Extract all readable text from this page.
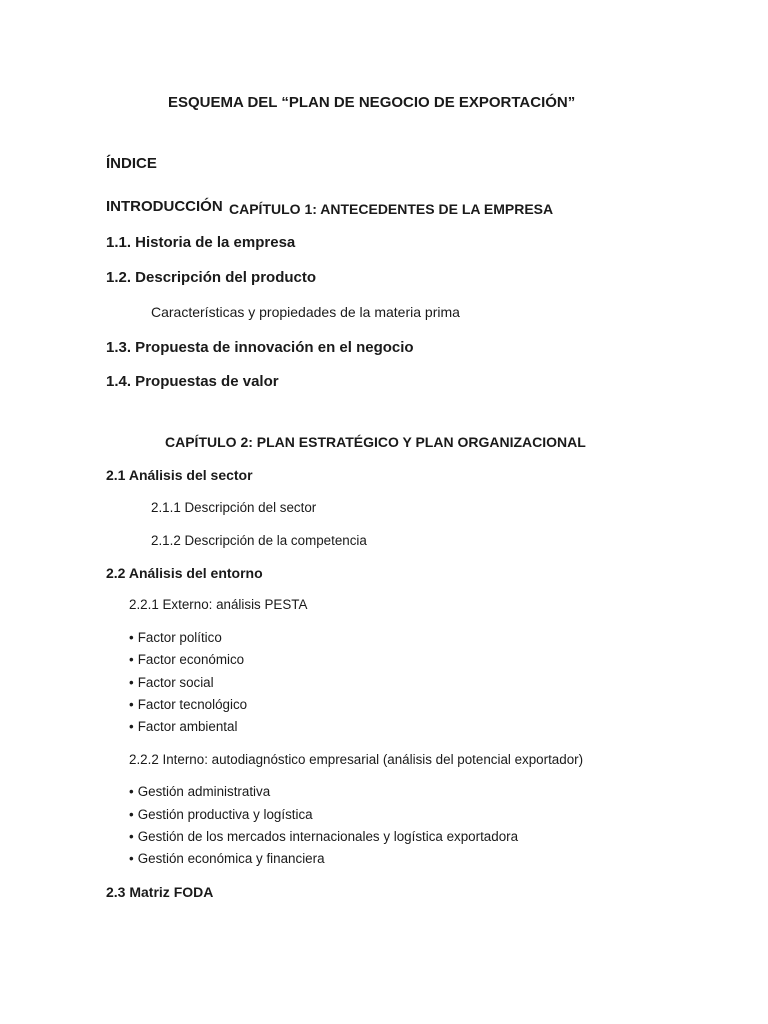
ESQUEMA DEL “PLAN DE NEGOCIO DE EXPORTACIÓN”
ÍNDICE
INTRODUCCIÓN CAPÍTULO 1: ANTECEDENTES DE LA EMPRESA
1.1. Historia de la empresa
1.2. Descripción del producto
Características y propiedades de la materia prima
1.3. Propuesta de innovación en el negocio
1.4. Propuestas de valor
CAPÍTULO 2: PLAN ESTRATÉGICO Y PLAN ORGANIZACIONAL
2.1 Análisis del sector
2.1.1 Descripción del sector
2.1.2 Descripción de la competencia
2.2 Análisis del entorno
2.2.1 Externo: análisis PESTA
• Factor político
• Factor económico
• Factor social
• Factor tecnológico
• Factor ambiental
2.2.2 Interno: autodiagnóstico empresarial (análisis del potencial exportador)
• Gestión administrativa
• Gestión productiva y logística
• Gestión de los mercados internacionales y logística exportadora
• Gestión económica y financiera
2.3 Matriz FODA
